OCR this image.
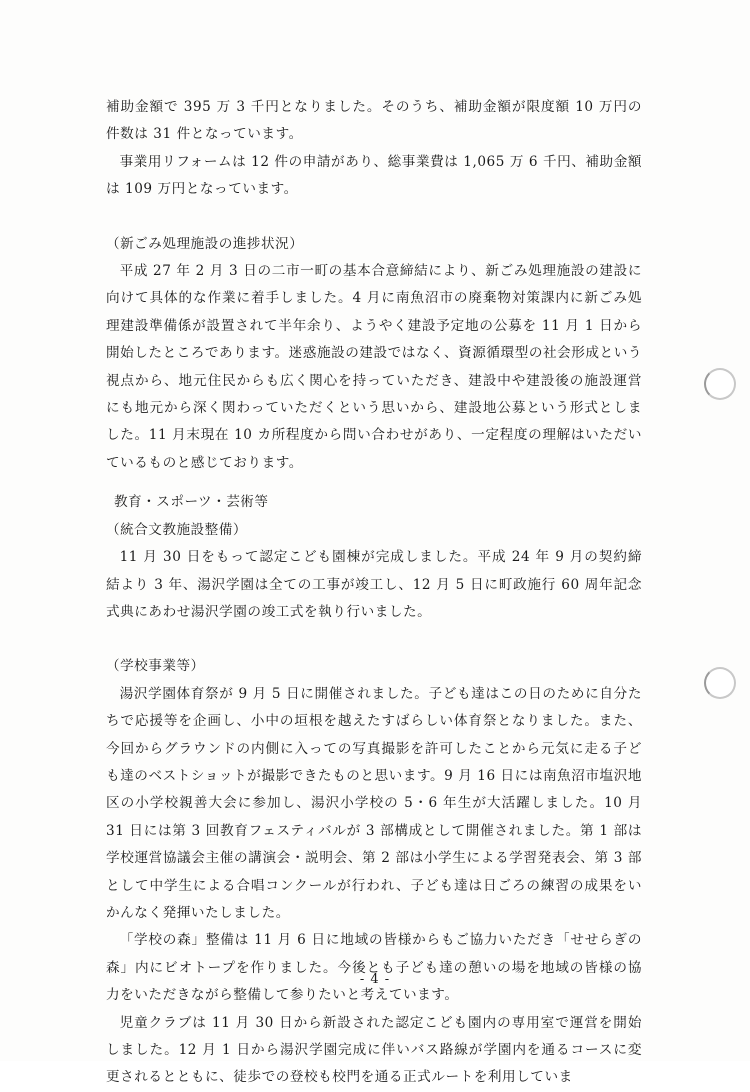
補助金額で 395 万 3 千円となりました。そのうち、補助金額が限度額 10 万円の件数は 31 件となっています。

事業用リフォームは 12 件の申請があり、総事業費は 1,065 万 6 千円、補助金額は 109 万円となっています。

（新ごみ処理施設の進捗状況）

平成 27 年 2 月 3 日の二市一町の基本合意締結により、新ごみ処理施設の建設に向けて具体的な作業に着手しました。4 月に南魚沼市の廃棄物対策課内に新ごみ処理建設準備係が設置されて半年余り、ようやく建設予定地の公募を 11 月 1 日から開始したところであります。迷惑施設の建設ではなく、資源循環型の社会形成という視点から、地元住民からも広く関心を持っていただき、建設中や建設後の施設運営にも地元から深く関わっていただくという思いから、建設地公募という形式としました。11 月末現在 10 カ所程度から問い合わせがあり、一定程度の理解はいただいているものと感じております。

教育・スポーツ・芸術等

（統合文教施設整備）

11 月 30 日をもって認定こども園棟が完成しました。平成 24 年 9 月の契約締結より 3 年、湯沢学園は全ての工事が竣工し、12 月 5 日に町政施行 60 周年記念式典にあわせ湯沢学園の竣工式を執り行いました。

（学校事業等）

湯沢学園体育祭が 9 月 5 日に開催されました。子ども達はこの日のために自分たちで応援等を企画し、小中の垣根を越えたすばらしい体育祭となりました。また、今回からグラウンドの内側に入っての写真撮影を許可したことから元気に走る子ども達のベストショットが撮影できたものと思います。9 月 16 日には南魚沼市塩沢地区の小学校親善大会に参加し、湯沢小学校の 5・6 年生が大活躍しました。10 月 31 日には第 3 回教育フェスティバルが 3 部構成として開催されました。第 1 部は学校運営協議会主催の講演会・説明会、第 2 部は小学生による学習発表会、第 3 部として中学生による合唱コンクールが行われ、子ども達は日ごろの練習の成果をいかんなく発揮いたしました。

「学校の森」整備は 11 月 6 日に地域の皆様からもご協力いただき「せせらぎの森」内にビオトープを作りました。今後とも子ども達の憩いの場を地域の皆様の協力をいただきながら整備して参りたいと考えています。

児童クラブは 11 月 30 日から新設された認定こども園内の専用室で運営を開始しました。12 月 1 日から湯沢学園完成に伴いバス路線が学園内を通るコースに変更されるとともに、徒歩での登校も校門を通る正式ルートを利用していま

- 4 -
